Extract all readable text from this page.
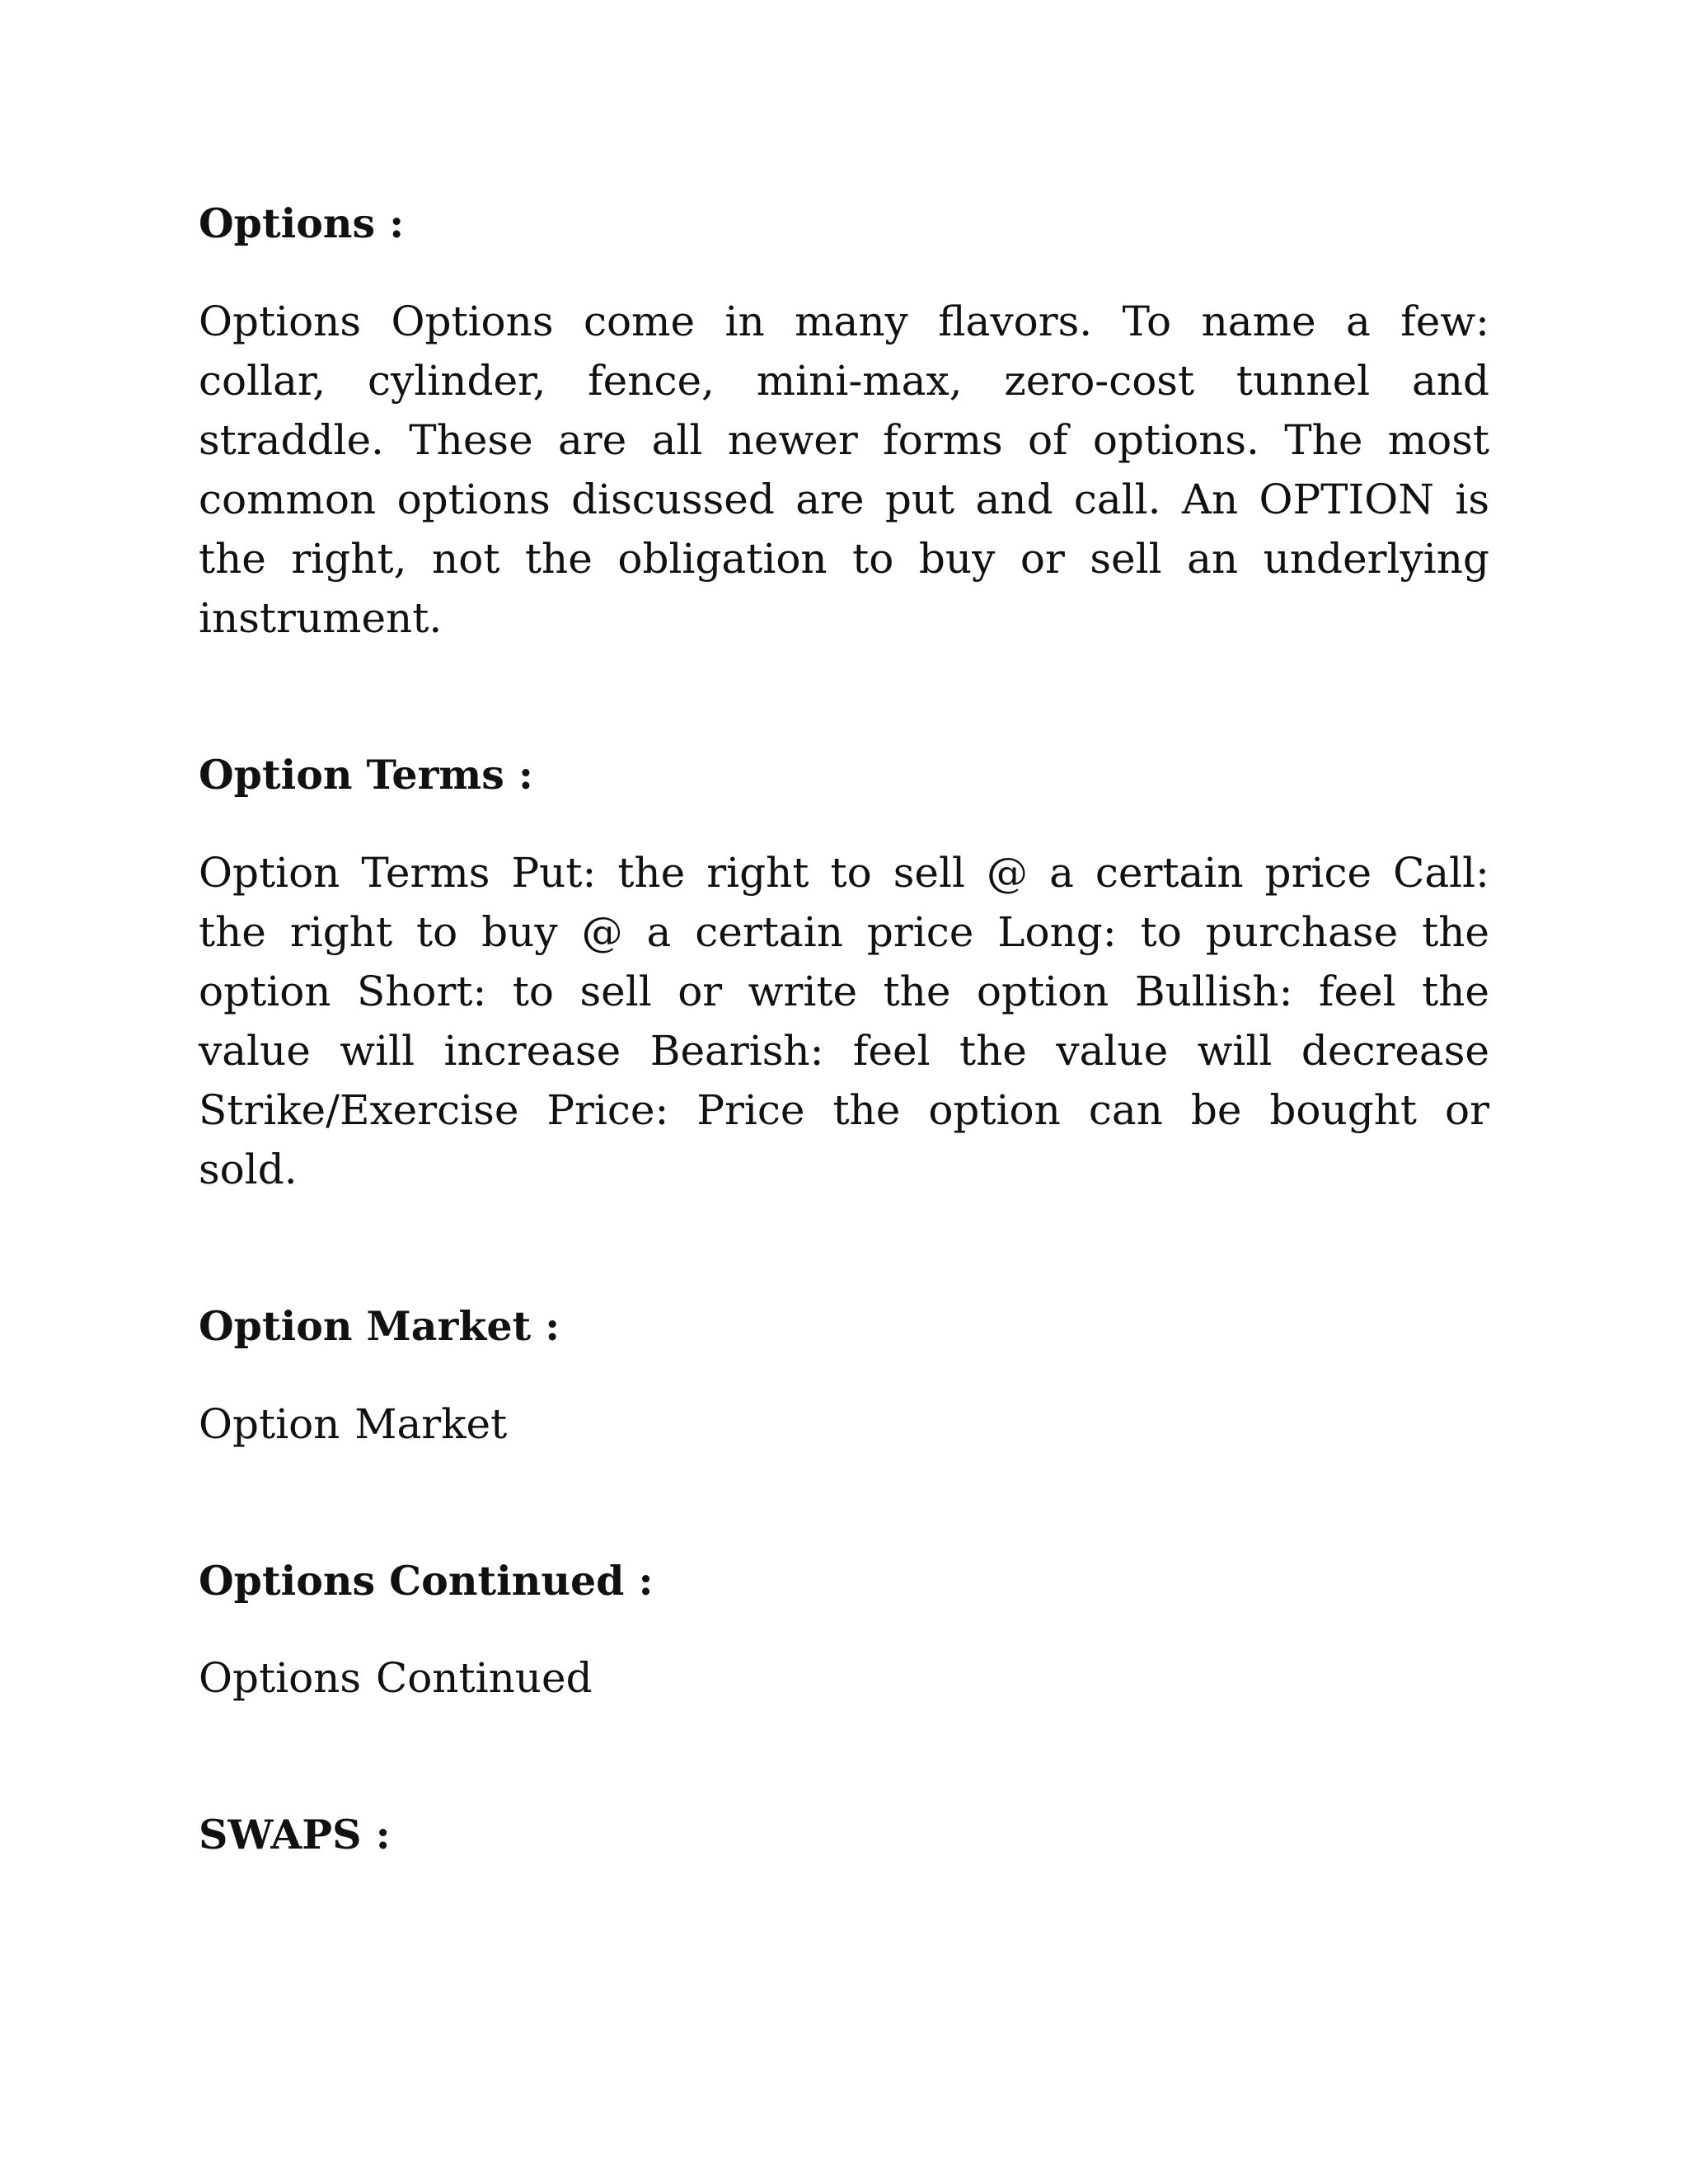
Options :

Options Options come in many flavors. To name a few: collar, cylinder, fence, mini-max, zero-cost tunnel and straddle. These are all newer forms of options. The most common options discussed are put and call. An OPTION is the right, not the obligation to buy or sell an underlying instrument.

Option Terms :

Option Terms Put: the right to sell @ a certain price Call: the right to buy @ a certain price Long: to purchase the option Short: to sell or write the option Bullish: feel the value will increase Bearish: feel the value will decrease Strike/Exercise Price: Price the option can be bought or sold.

Option Market :

Option Market

Options Continued :

Options Continued

SWAPS :
